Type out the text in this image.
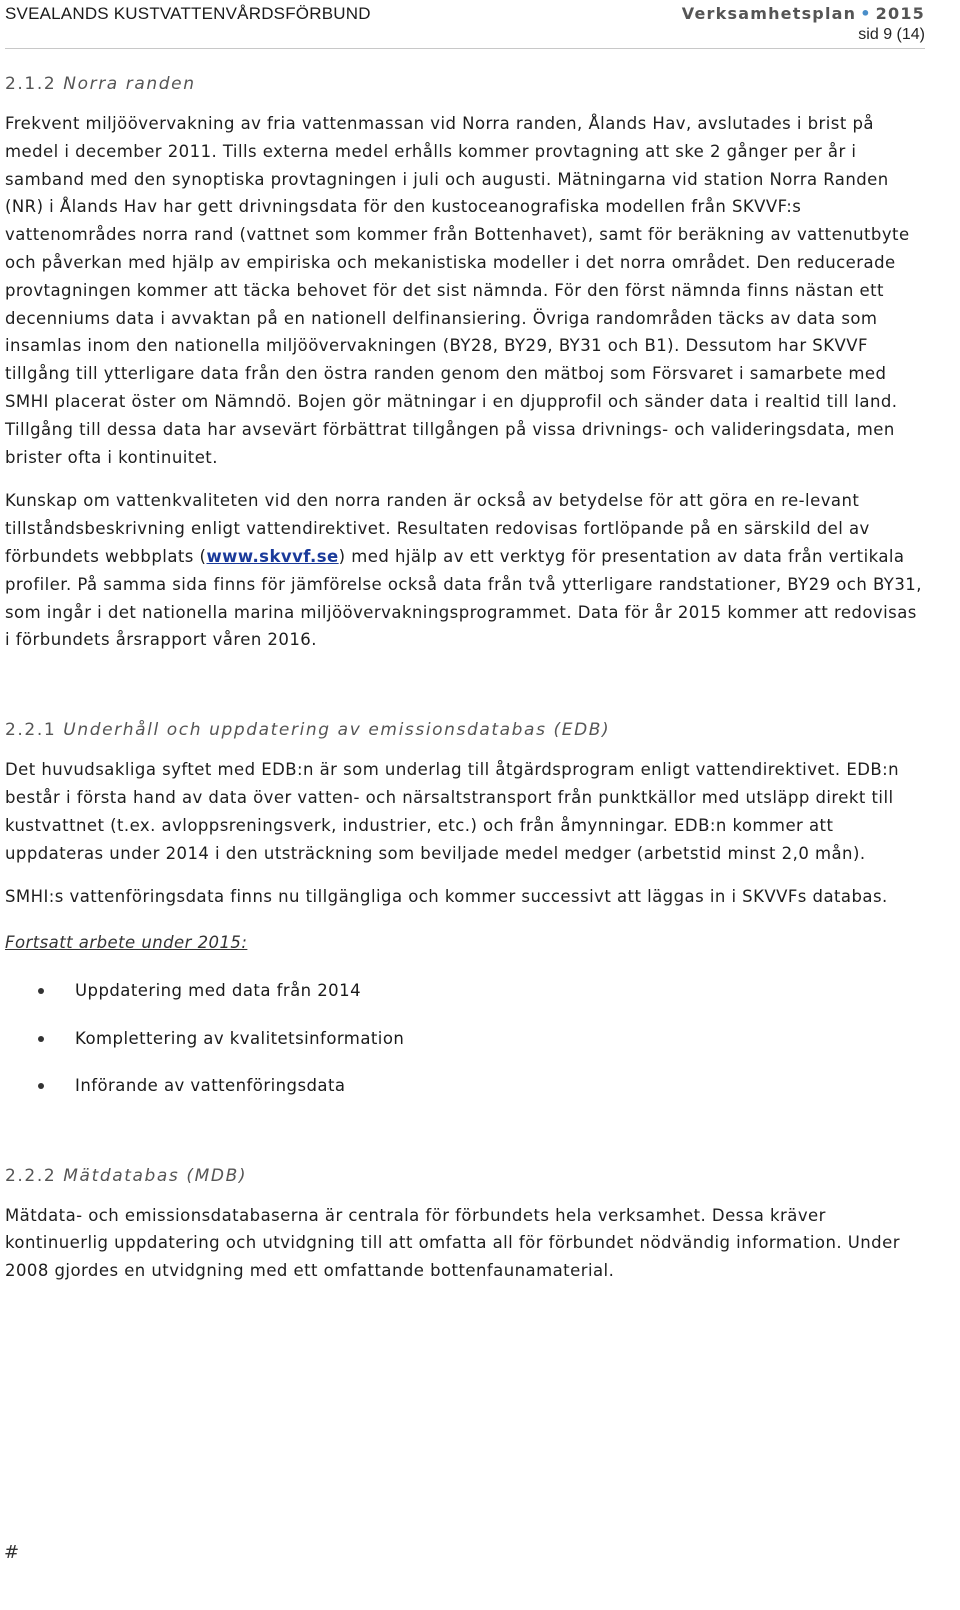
SVEALANDS KUSTVATTENVÅRDSFÖRBUND	Verksamhetsplan • 2015
sid 9 (14)
2.1.2 Norra randen

Frekvent miljöövervakning av fria vattenmassan vid Norra randen, Ålands Hav, avslutades i brist på medel i december 2011. Tills externa medel erhålls kommer provtagning att ske 2 gånger per år i samband med den synoptiska provtagningen i juli och augusti. Mätningarna vid station Norra Randen (NR) i Ålands Hav har gett drivningsdata för den kustoceanografiska modellen från SKVVF:s vattenområdes norra rand (vattnet som kommer från Bottenhavet), samt för beräkning av vattenutbyte och påverkan med hjälp av empiriska och mekanistiska modeller i det norra området. Den reducerade provtagningen kommer att täcka behovet för det sist nämnda. För den först nämnda finns nästan ett decenniums data i avvaktan på en nationell delfinansiering. Övriga randområden täcks av data som insamlas inom den nationella miljöövervakningen (BY28, BY29, BY31 och B1). Dessutom har SKVVF tillgång till ytterligare data från den östra randen genom den mätboj som Försvaret i samarbete med SMHI placerat öster om Nämndö. Bojen gör mätningar i en djupprofil och sänder data i realtid till land. Tillgång till dessa data har avsevärt förbättrat tillgången på vissa drivnings- och valideringsdata, men brister ofta i kontinuitet.

Kunskap om vattenkvaliteten vid den norra randen är också av betydelse för att göra en re-levant tillståndsbeskrivning enligt vattendirektivet. Resultaten redovisas fortlöpande på en särskild del av förbundets webbplats (www.skvvf.se) med hjälp av ett verktyg för presentation av data från vertikala profiler. På samma sida finns för jämförelse också data från två ytterligare randstationer, BY29 och BY31, som ingår i det nationella marina miljöövervakningsprogrammet. Data för år 2015 kommer att redovisas i förbundets årsrapport våren 2016.

2.2.1 Underhåll och uppdatering av emissionsdatabas (EDB)

Det huvudsakliga syftet med EDB:n är som underlag till åtgärdsprogram enligt vattendirektivet. EDB:n består i första hand av data över vatten- och närsaltstransport från punktkällor med utsläpp direkt till kustvattnet (t.ex. avloppsreningsverk, industrier, etc.) och från åmynningar. EDB:n kommer att uppdateras under 2014 i den utsträckning som beviljade medel medger (arbetstid minst 2,0 mån).

SMHI:s vattenföringsdata finns nu tillgängliga och kommer successivt att läggas in i SKVVFs databas.

Fortsatt arbete under 2015:

Uppdatering med data från 2014
Komplettering av kvalitetsinformation
Införande av vattenföringsdata
2.2.2 Mätdatabas (MDB)

Mätdata- och emissionsdatabaserna är centrala för förbundets hela verksamhet. Dessa kräver kontinuerlig uppdatering och utvidgning till att omfatta all för förbundet nödvändig information. Under 2008 gjordes en utvidgning med ett omfattande bottenfaunamaterial.

#
